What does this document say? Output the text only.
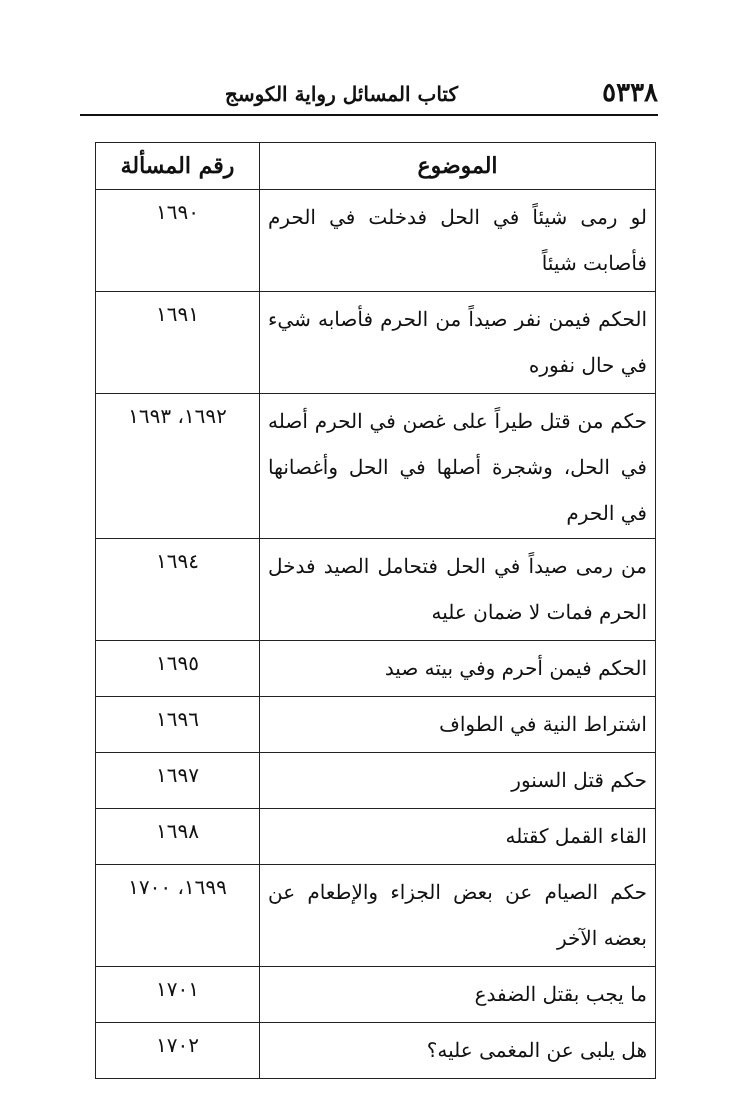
٥٣٣٨
كتاب المسائل رواية الكوسج
الموضوع	رقم المسألة
لو رمى شيئاً في الحل فدخلت في الحرم فأصابت شيئاً	١٦٩٠
الحكم فيمن نفر صيداً من الحرم فأصابه شيء في حال نفوره	١٦٩١
حكم من قتل طيراً على غصن في الحرم أصله في الحل، وشجرة أصلها في الحل وأغصانها في الحرم	١٦٩٢، ١٦٩٣
من رمى صيداً في الحل فتحامل الصيد فدخل الحرم فمات لا ضمان عليه	١٦٩٤
الحكم فيمن أحرم وفي بيته صيد	١٦٩٥
اشتراط النية في الطواف	١٦٩٦
حكم قتل السنور	١٦٩٧
القاء القمل كقتله	١٦٩٨
حكم الصيام عن بعض الجزاء والإطعام عن بعضه الآخر	١٦٩٩، ١٧٠٠
ما يجب بقتل الضفدع	١٧٠١
هل يلبى عن المغمى عليه؟	١٧٠٢
